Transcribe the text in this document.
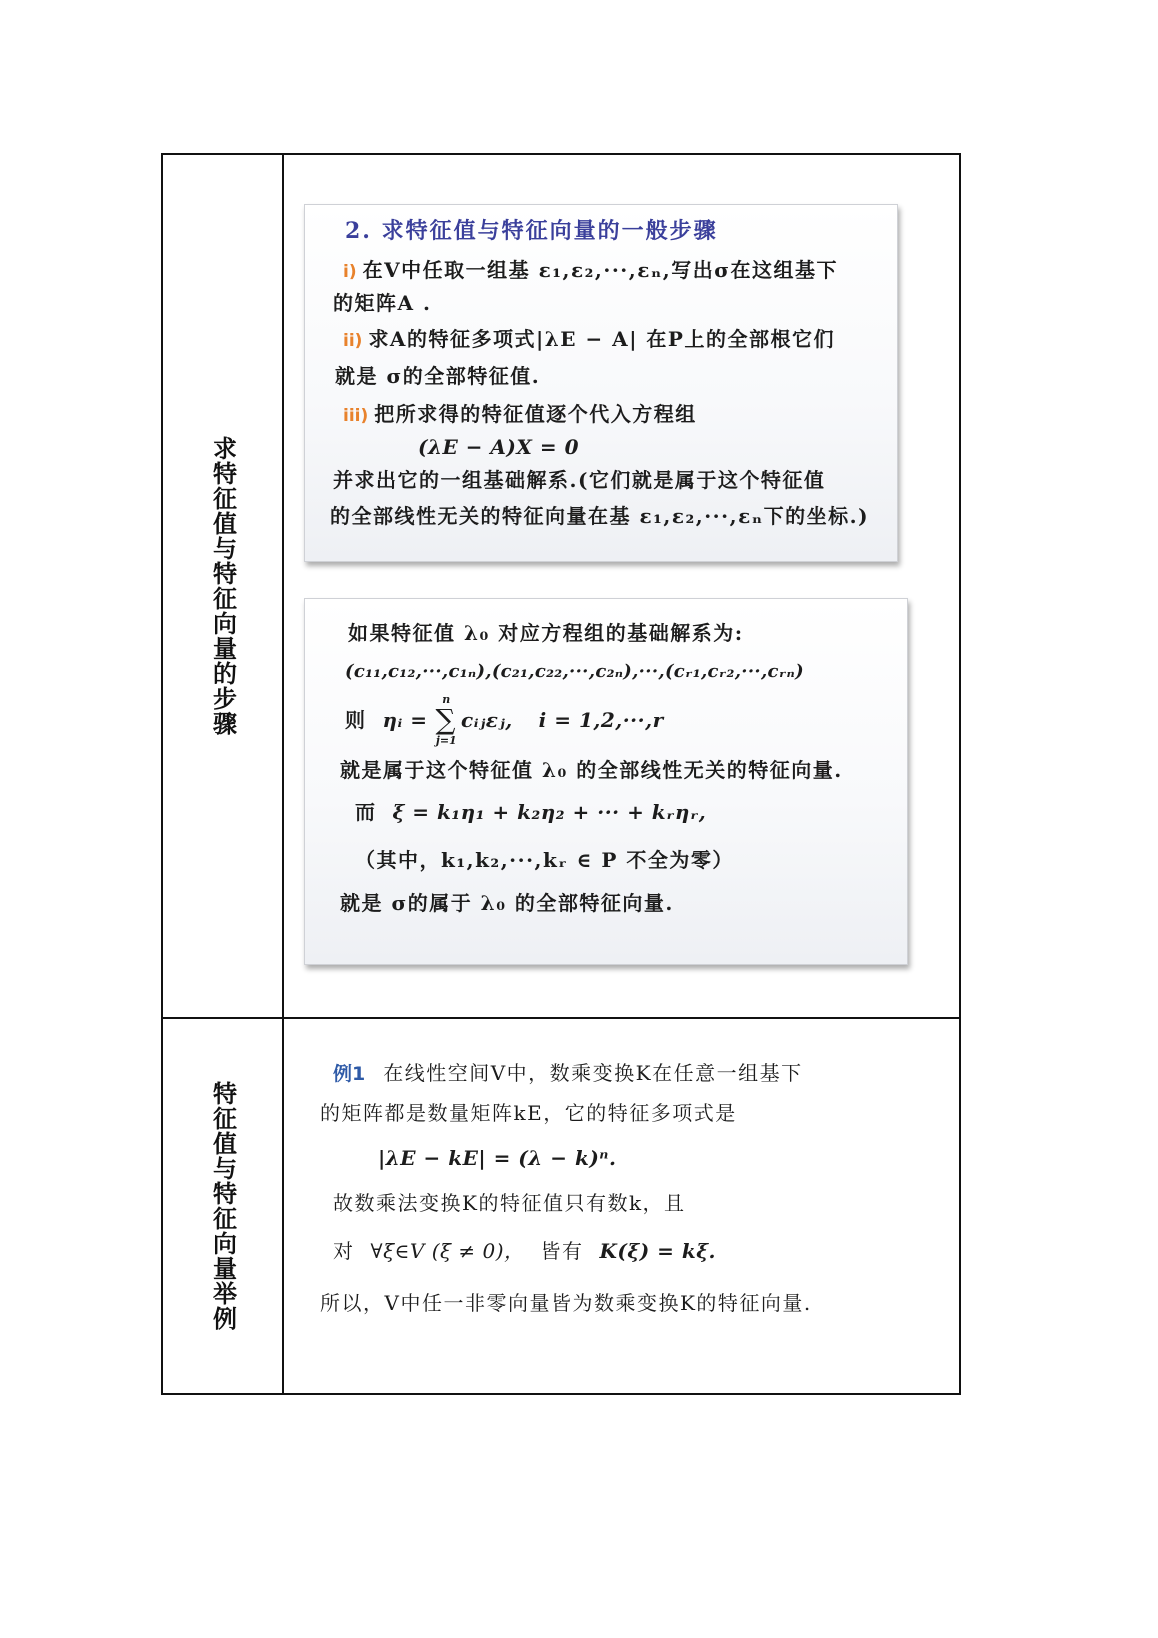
求特征值与特征向量的步骤
特征值与特征向量举例
2. 求特征值与特征向量的一般步骤
i) 在V中任取一组基 ε₁,ε₂,···,εₙ,写出σ在这组基下
的矩阵A .
ii) 求A的特征多项式|λE − A| 在P上的全部根它们
就是 σ的全部特征值.
iii) 把所求得的特征值逐个代入方程组
(λE − A)X = 0
并求出它的一组基础解系.(它们就是属于这个特征值
的全部线性无关的特征向量在基 ε₁,ε₂,···,εₙ下的坐标.)
如果特征值 λ₀ 对应方程组的基础解系为:
(c₁₁,c₁₂,···,c₁ₙ),(c₂₁,c₂₂,···,c₂ₙ),···,(cᵣ₁,cᵣ₂,···,cᵣₙ)
则 ηᵢ =
n
∑
j=1
cᵢⱼεⱼ, i = 1,2,···,r
就是属于这个特征值 λ₀ 的全部线性无关的特征向量.
而 ξ = k₁η₁ + k₂η₂ + ··· + kᵣηᵣ,
（其中，k₁,k₂,···,kᵣ ∈ P 不全为零）
就是 σ的属于 λ₀ 的全部特征向量.
例1 在线性空间V中，数乘变换K在任意一组基下
的矩阵都是数量矩阵kE，它的特征多项式是
|λE − kE| = (λ − k)ⁿ.
故数乘法变换K的特征值只有数k，且
对 ∀ξ∈V (ξ ≠ 0)， 皆有 K(ξ) = kξ.
所以，V中任一非零向量皆为数乘变换K的特征向量.
